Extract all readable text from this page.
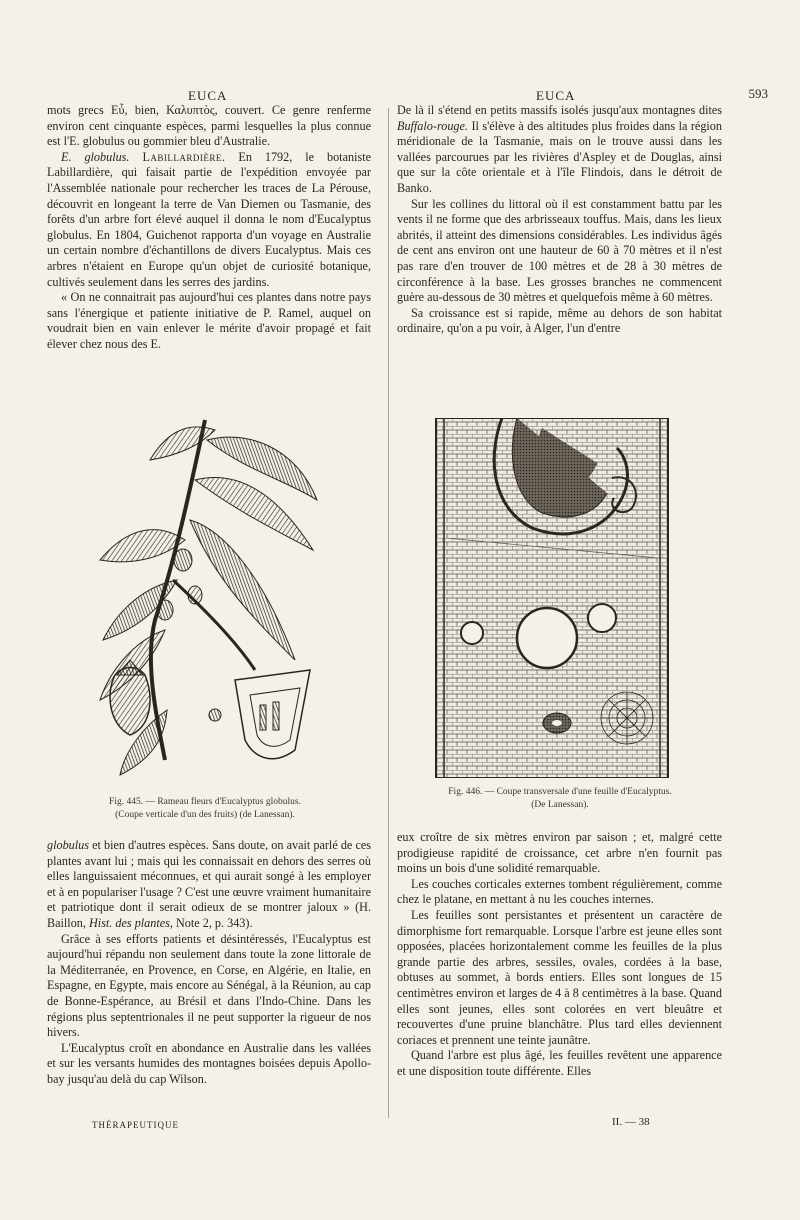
EUCA	EUCA	593

mots grecs Eὖ, bien, Καλυπτὸς, couvert. Ce genre renferme environ cent cinquante espèces, parmi lesquelles la plus connue est l'E. globulus ou gommier bleu d'Australie.

E. globulus. Labillardière. En 1792, le botaniste Labillardière, qui faisait partie de l'expédition envoyée par l'Assemblée nationale pour rechercher les traces de La Pérouse, découvrit en longeant la terre de Van Diemen ou Tasmanie, des forêts d'un arbre fort élevé auquel il donna le nom d'Eucalyptus globulus. En 1804, Guichenot rapporta d'un voyage en Australie un certain nombre d'échantillons de divers Eucalyptus. Mais ces arbres n'étaient en Europe qu'un objet de curiosité botanique, cultivés seulement dans les serres des jardins.

« On ne connaitrait pas aujourd'hui ces plantes dans notre pays sans l'énergique et patiente initiative de P. Ramel, auquel on voudrait bien en vain enlever le mérite d'avoir propagé et fait élever chez nous des E.

Fig. 445. — Rameau fleurs d'Eucalyptus globulus.
(Coupe verticale d'un des fruits) (de Lanessan).

globulus et bien d'autres espèces. Sans doute, on avait parlé de ces plantes avant lui ; mais qui les connaissait en dehors des serres où elles languissaient méconnues, et qui aurait songé à les employer et à en populariser l'usage ? C'est une œuvre vraiment humanitaire et patriotique dont il serait odieux de se montrer jaloux » (H. Baillon, Hist. des plantes, Note 2, p. 343).

Grâce à ses efforts patients et désintéressés, l'Eucalyptus est aujourd'hui répandu non seulement dans toute la zone littorale de la Méditerranée, en Provence, en Corse, en Algérie, en Italie, en Espagne, en Egypte, mais encore au Sénégal, à la Réunion, au cap de Bonne-Espérance, au Brésil et dans l'Indo-Chine. Dans les régions plus septentrionales il ne peut supporter la rigueur de nos hivers.

L'Eucalyptus croît en abondance en Australie dans les vallées et sur les versants humides des montagnes boisées depuis Apollo-bay jusqu'au delà du cap Wilson.

De là il s'étend en petits massifs isolés jusqu'aux montagnes dites Buffalo-rouge. Il s'élève à des altitudes plus froides dans la région méridionale de la Tasmanie, mais on le trouve aussi dans les vallées parcourues par les rivières d'Aspley et de Douglas, ainsi que sur la côte orientale et à l'île Flindois, dans le détroit de Banko.

Sur les collines du littoral où il est constamment battu par les vents il ne forme que des arbrisseaux touffus. Mais, dans les lieux abrités, il atteint des dimensions considérables. Les individus âgés de cent ans environ ont une hauteur de 60 à 70 mètres et il n'est pas rare d'en trouver de 100 mètres et de 28 à 30 mètres de circonférence à la base. Les grosses branches ne commencent guère au-dessous de 30 mètres et quelquefois même à 60 mètres.

Sa croissance est si rapide, même au dehors de son habitat ordinaire, qu'on a pu voir, à Alger, l'un d'entre

Fig. 446. — Coupe transversale d'une feuille d'Eucalyptus.
(De Lanessan).

eux croître de six mètres environ par saison ; et, malgré cette prodigieuse rapidité de croissance, cet arbre n'en fournit pas moins un bois d'une solidité remarquable.

Les couches corticales externes tombent régulièrement, comme chez le platane, en mettant à nu les couches internes.

Les feuilles sont persistantes et présentent un caractère de dimorphisme fort remarquable. Lorsque l'arbre est jeune elles sont opposées, placées horizontalement comme les feuilles de la plus grande partie des arbres, sessiles, ovales, cordées à la base, obtuses au sommet, à bords entiers. Elles sont longues de 15 centimètres environ et larges de 4 à 8 centimètres à la base. Quand elles sont jeunes, elles sont colorées en vert bleuâtre et recouvertes d'une pruine blanchâtre. Plus tard elles deviennent coriaces et prennent une teinte jaunâtre.

Quand l'arbre est plus âgé, les feuilles revêtent une apparence et une disposition toute différente. Elles

THÉRAPEUTIQUE	II. — 38
